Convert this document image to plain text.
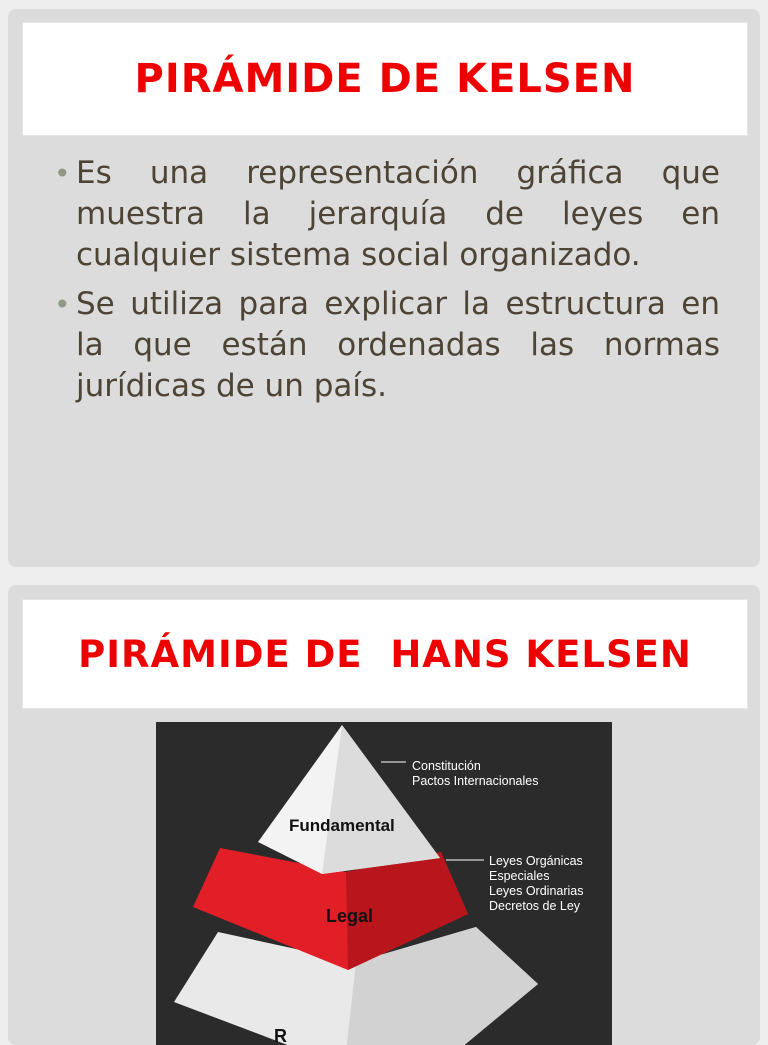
PIRÁMIDE DE KELSEN
• Es una representación gráfica que muestra la jerarquía de leyes en cualquier sistema social organizado.
• Se utiliza para explicar la estructura en la que están ordenadas las normas jurídicas de un país.
PIRÁMIDE DE  HANS KELSEN
Fundamental
Legal
R
Constitución
Pactos Internacionales
Leyes Orgánicas
Especiales
Leyes Ordinarias
Decretos de Ley
